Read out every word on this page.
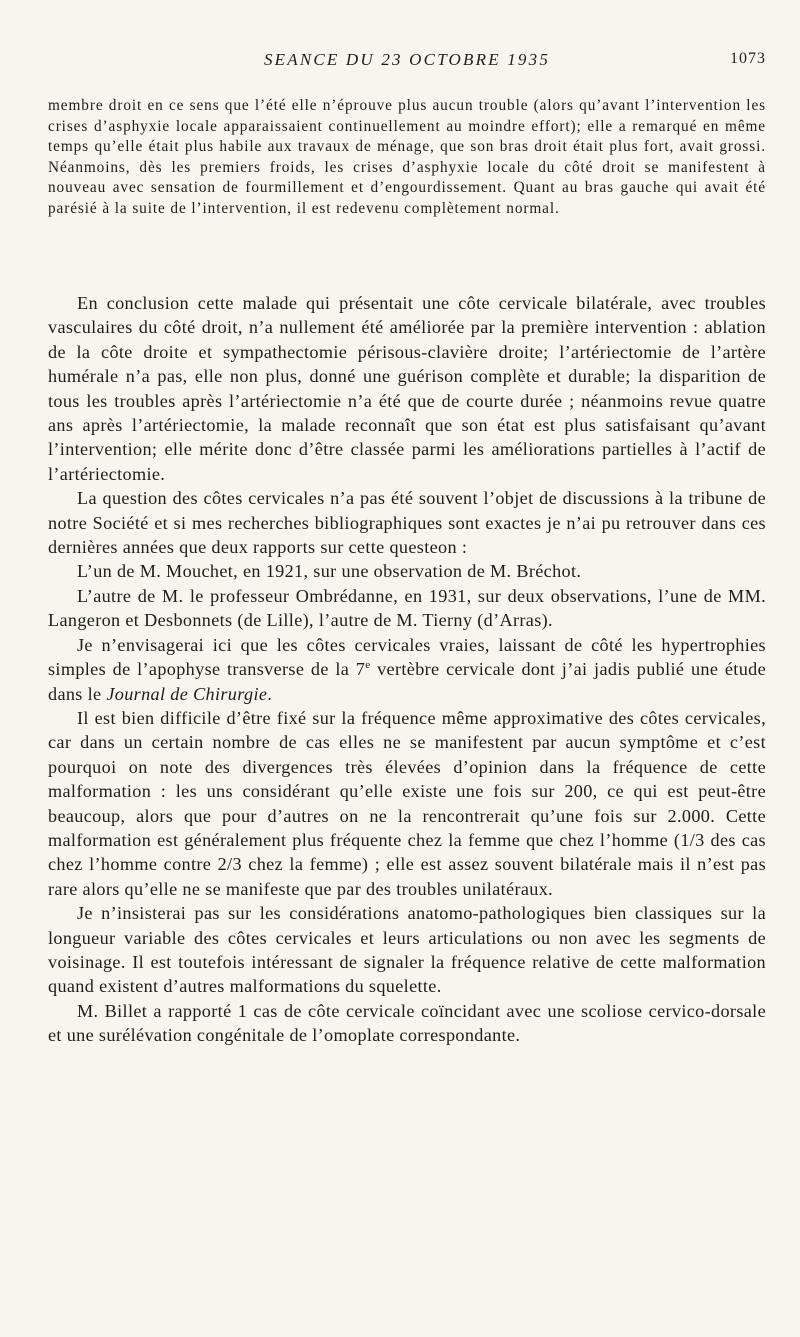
SEANCE DU 23 OCTOBRE 1935	1073

membre droit en ce sens que l’été elle n’éprouve plus aucun trouble (alors qu’avant l’intervention les crises d’asphyxie locale apparaissaient continuellement au moindre effort); elle a remarqué en même temps qu’elle était plus habile aux travaux de ménage, que son bras droit était plus fort, avait grossi. Néanmoins, dès les premiers froids, les crises d’asphyxie locale du côté droit se manifestent à nouveau avec sensation de fourmillement et d’engourdissement. Quant au bras gauche qui avait été parésié à la suite de l’intervention, il est redevenu complètement normal.

En conclusion cette malade qui présentait une côte cervicale bilatérale, avec troubles vasculaires du côté droit, n’a nullement été améliorée par la première intervention : ablation de la côte droite et sympathectomie périsous-clavière droite; l’artériectomie de l’artère humérale n’a pas, elle non plus, donné une guérison complète et durable; la disparition de tous les troubles après l’artériectomie n’a été que de courte durée ; néanmoins revue quatre ans après l’artériectomie, la malade reconnaît que son état est plus satisfaisant qu’avant l’intervention; elle mérite donc d’être classée parmi les améliorations partielles à l’actif de l’artériectomie.

La question des côtes cervicales n’a pas été souvent l’objet de discussions à la tribune de notre Société et si mes recherches bibliographiques sont exactes je n’ai pu retrouver dans ces dernières années que deux rapports sur cette questeon :

L’un de M. Mouchet, en 1921, sur une observation de M. Bréchot.

L’autre de M. le professeur Ombrédanne, en 1931, sur deux observations, l’une de MM. Langeron et Desbonnets (de Lille), l’autre de M. Tierny (d’Arras).

Je n’envisagerai ici que les côtes cervicales vraies, laissant de côté les hypertrophies simples de l’apophyse transverse de la 7e vertèbre cervicale dont j’ai jadis publié une étude dans le Journal de Chirurgie.

Il est bien difficile d’être fixé sur la fréquence même approximative des côtes cervicales, car dans un certain nombre de cas elles ne se manifestent par aucun symptôme et c’est pourquoi on note des divergences très élevées d’opinion dans la fréquence de cette malformation : les uns considérant qu’elle existe une fois sur 200, ce qui est peut-être beaucoup, alors que pour d’autres on ne la rencontrerait qu’une fois sur 2.000. Cette malformation est généralement plus fréquente chez la femme que chez l’homme (1/3 des cas chez l’homme contre 2/3 chez la femme) ; elle est assez souvent bilatérale mais il n’est pas rare alors qu’elle ne se manifeste que par des troubles unilatéraux.

Je n’insisterai pas sur les considérations anatomo-pathologiques bien classiques sur la longueur variable des côtes cervicales et leurs articulations ou non avec les segments de voisinage. Il est toutefois intéressant de signaler la fréquence relative de cette malformation quand existent d’autres malformations du squelette.

M. Billet a rapporté 1 cas de côte cervicale coïncidant avec une scoliose cervico-dorsale et une surélévation congénitale de l’omoplate correspondante.
